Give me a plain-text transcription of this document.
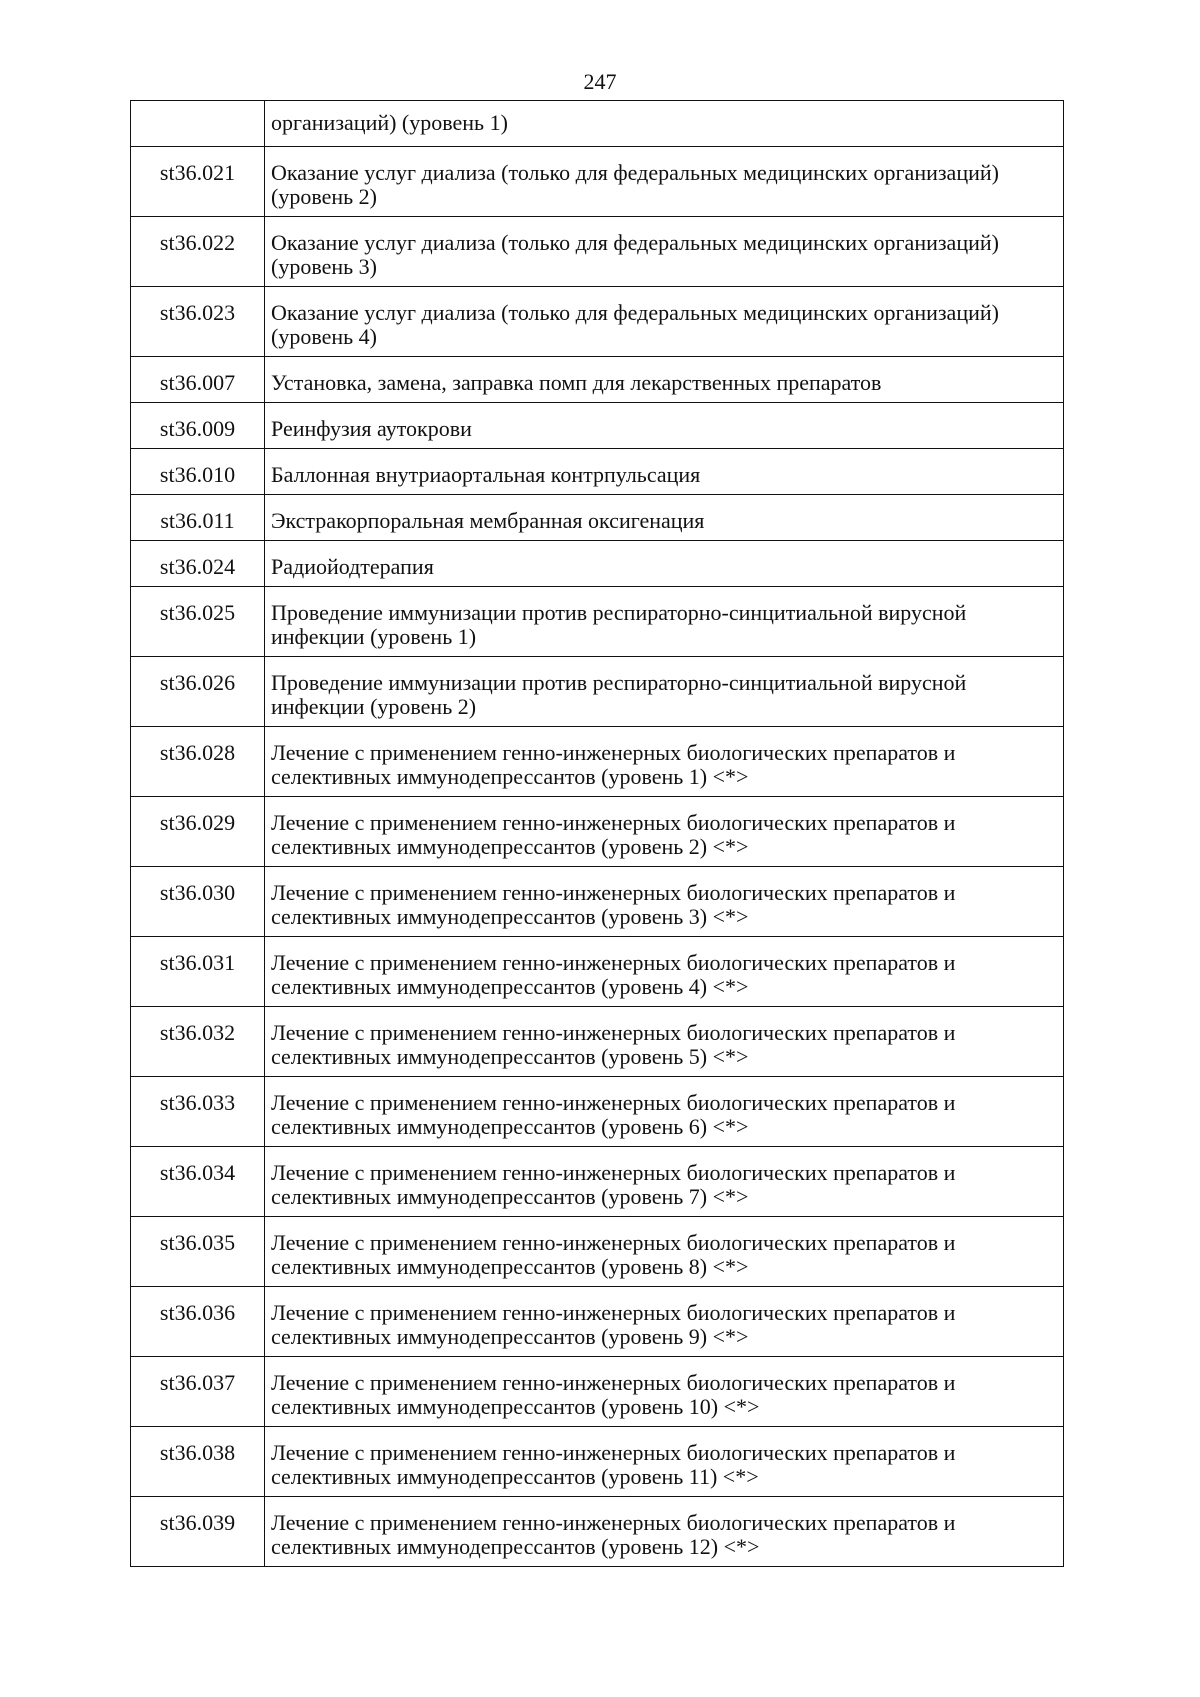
247
	организаций) (уровень 1)
st36.021	Оказание услуг диализа (только для федеральных медицинских организаций) (уровень 2)
st36.022	Оказание услуг диализа (только для федеральных медицинских организаций) (уровень 3)
st36.023	Оказание услуг диализа (только для федеральных медицинских организаций) (уровень 4)
st36.007	Установка, замена, заправка помп для лекарственных препаратов
st36.009	Реинфузия аутокрови
st36.010	Баллонная внутриаортальная контрпульсация
st36.011	Экстракорпоральная мембранная оксигенация
st36.024	Радиойодтерапия
st36.025	Проведение иммунизации против респираторно-синцитиальной вирусной инфекции (уровень 1)
st36.026	Проведение иммунизации против респираторно-синцитиальной вирусной инфекции (уровень 2)
st36.028	Лечение с применением генно-инженерных биологических препаратов и селективных иммунодепрессантов (уровень 1) <*>
st36.029	Лечение с применением генно-инженерных биологических препаратов и селективных иммунодепрессантов (уровень 2) <*>
st36.030	Лечение с применением генно-инженерных биологических препаратов и селективных иммунодепрессантов (уровень 3) <*>
st36.031	Лечение с применением генно-инженерных биологических препаратов и селективных иммунодепрессантов (уровень 4) <*>
st36.032	Лечение с применением генно-инженерных биологических препаратов и селективных иммунодепрессантов (уровень 5) <*>
st36.033	Лечение с применением генно-инженерных биологических препаратов и селективных иммунодепрессантов (уровень 6) <*>
st36.034	Лечение с применением генно-инженерных биологических препаратов и селективных иммунодепрессантов (уровень 7) <*>
st36.035	Лечение с применением генно-инженерных биологических препаратов и селективных иммунодепрессантов (уровень 8) <*>
st36.036	Лечение с применением генно-инженерных биологических препаратов и селективных иммунодепрессантов (уровень 9) <*>
st36.037	Лечение с применением генно-инженерных биологических препаратов и селективных иммунодепрессантов (уровень 10) <*>
st36.038	Лечение с применением генно-инженерных биологических препаратов и селективных иммунодепрессантов (уровень 11) <*>
st36.039	Лечение с применением генно-инженерных биологических препаратов и селективных иммунодепрессантов (уровень 12) <*>
